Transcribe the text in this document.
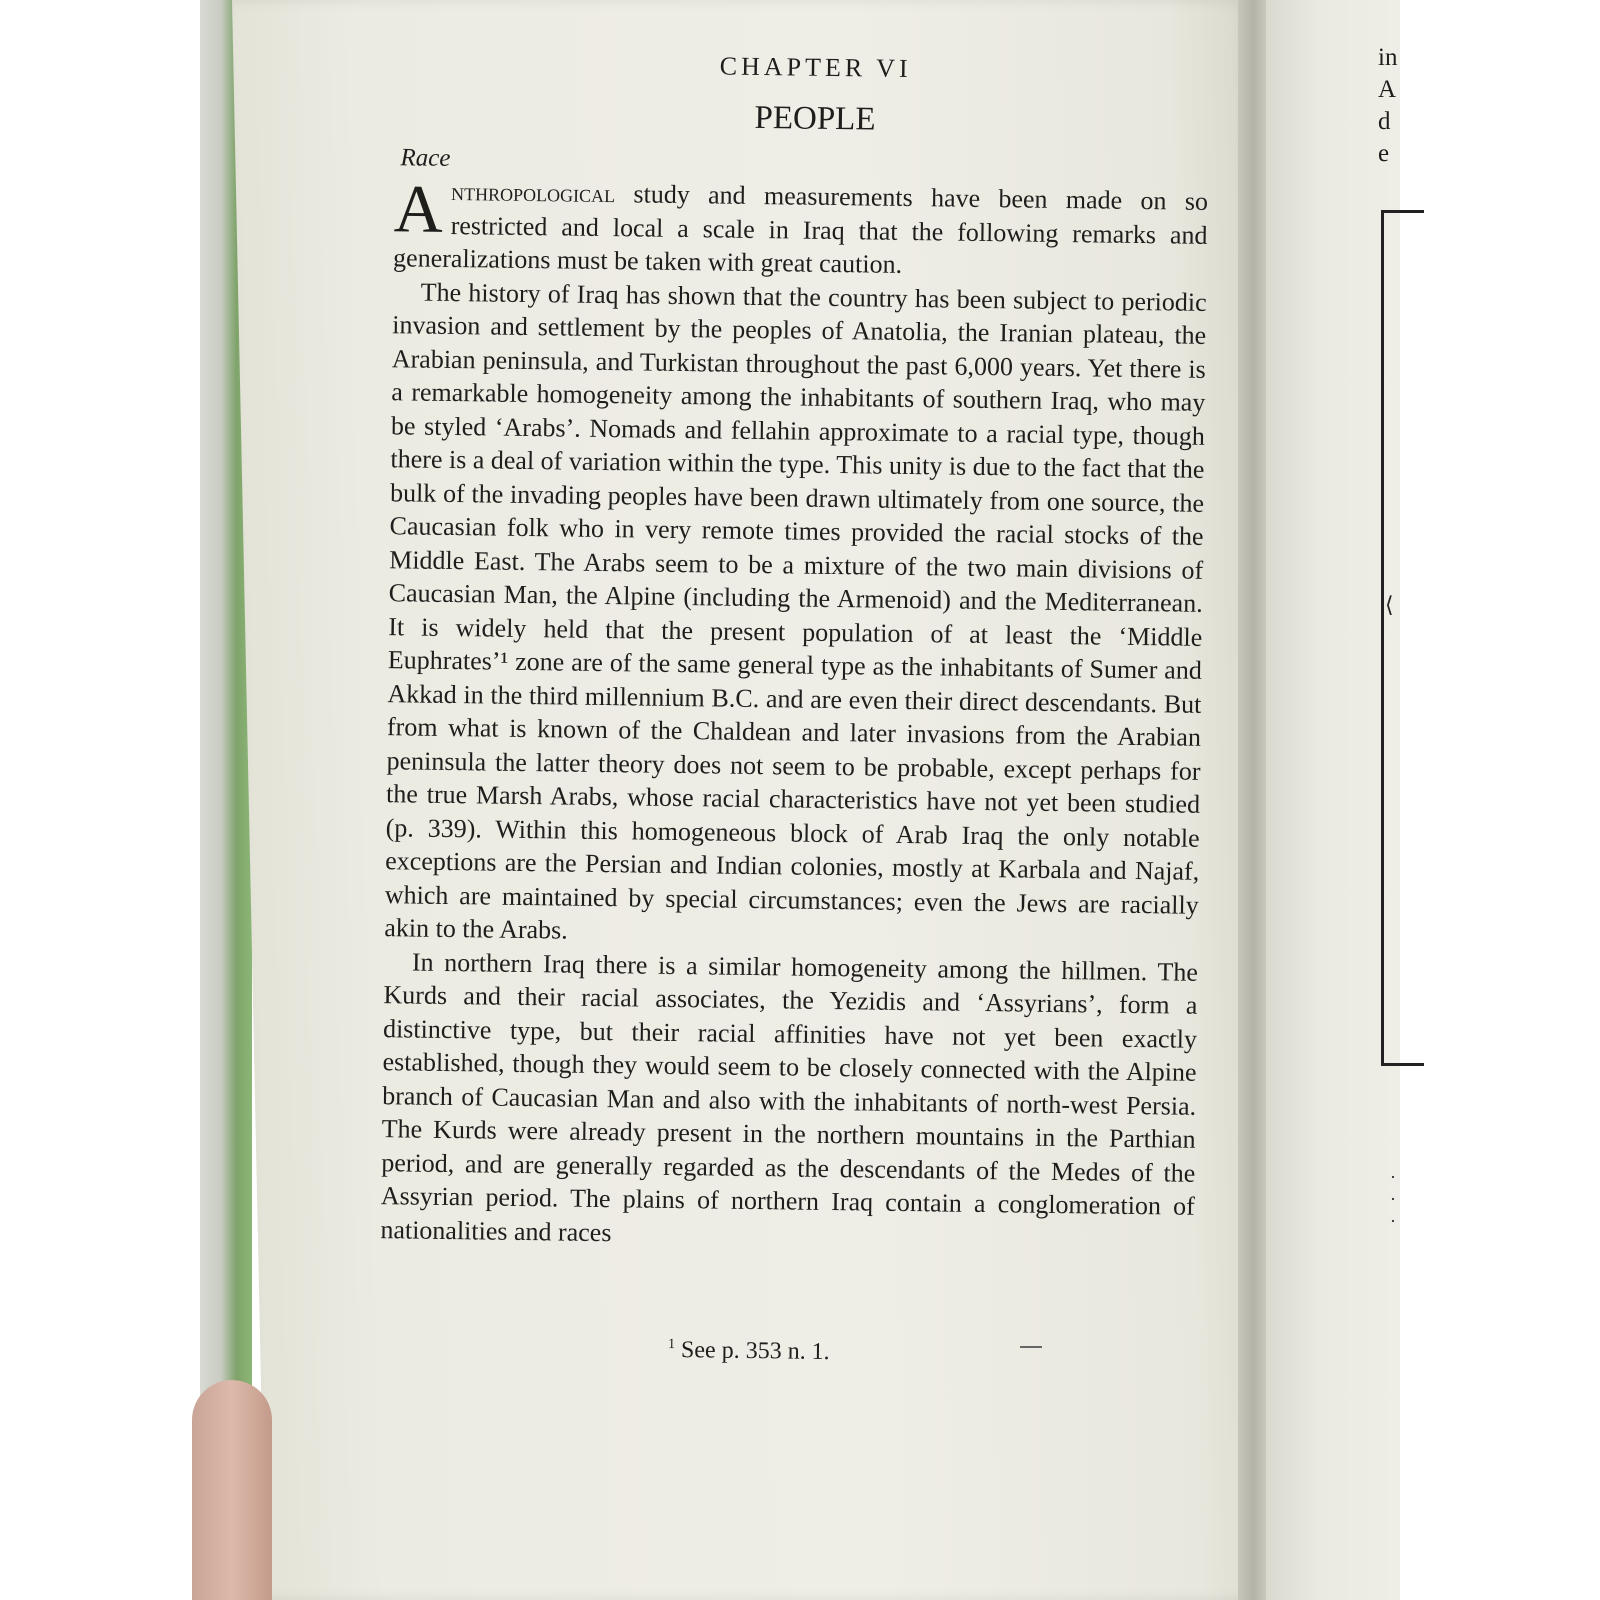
in
A
d
e
⟨
·
·
·

CHAPTER VI

PEOPLE

Race

Anthropological study and measurements have been made on so restricted and local a scale in Iraq that the following remarks and generalizations must be taken with great caution.

The history of Iraq has shown that the country has been subject to periodic invasion and settlement by the peoples of Anatolia, the Iranian plateau, the Arabian peninsula, and Turkistan throughout the past 6,000 years. Yet there is a remarkable homogeneity among the inhabitants of southern Iraq, who may be styled ‘Arabs’. Nomads and fellahin approximate to a racial type, though there is a deal of variation within the type. This unity is due to the fact that the bulk of the invading peoples have been drawn ultimately from one source, the Caucasian folk who in very remote times provided the racial stocks of the Middle East. The Arabs seem to be a mixture of the two main divisions of Caucasian Man, the Alpine (including the Armenoid) and the Mediterranean. It is widely held that the present population of at least the ‘Middle Euphrates’¹ zone are of the same general type as the inhabitants of Sumer and Akkad in the third millennium B.C. and are even their direct descendants. But from what is known of the Chaldean and later invasions from the Arabian peninsula the latter theory does not seem to be probable, except perhaps for the true Marsh Arabs, whose racial characteristics have not yet been studied (p. 339). Within this homogeneous block of Arab Iraq the only notable exceptions are the Persian and Indian colonies, mostly at Karbala and Najaf, which are maintained by special circumstances; even the Jews are racially akin to the Arabs.

In northern Iraq there is a similar homogeneity among the hillmen. The Kurds and their racial associates, the Yezidis and ‘Assyrians’, form a distinctive type, but their racial affinities have not yet been exactly established, though they would seem to be closely connected with the Alpine branch of Caucasian Man and also with the inhabitants of north-west Persia. The Kurds were already present in the northern mountains in the Parthian period, and are generally regarded as the descendants of the Medes of the Assyrian period. The plains of northern Iraq contain a conglomeration of nationalities and races

$^1$ See p. 353 n. 1.
